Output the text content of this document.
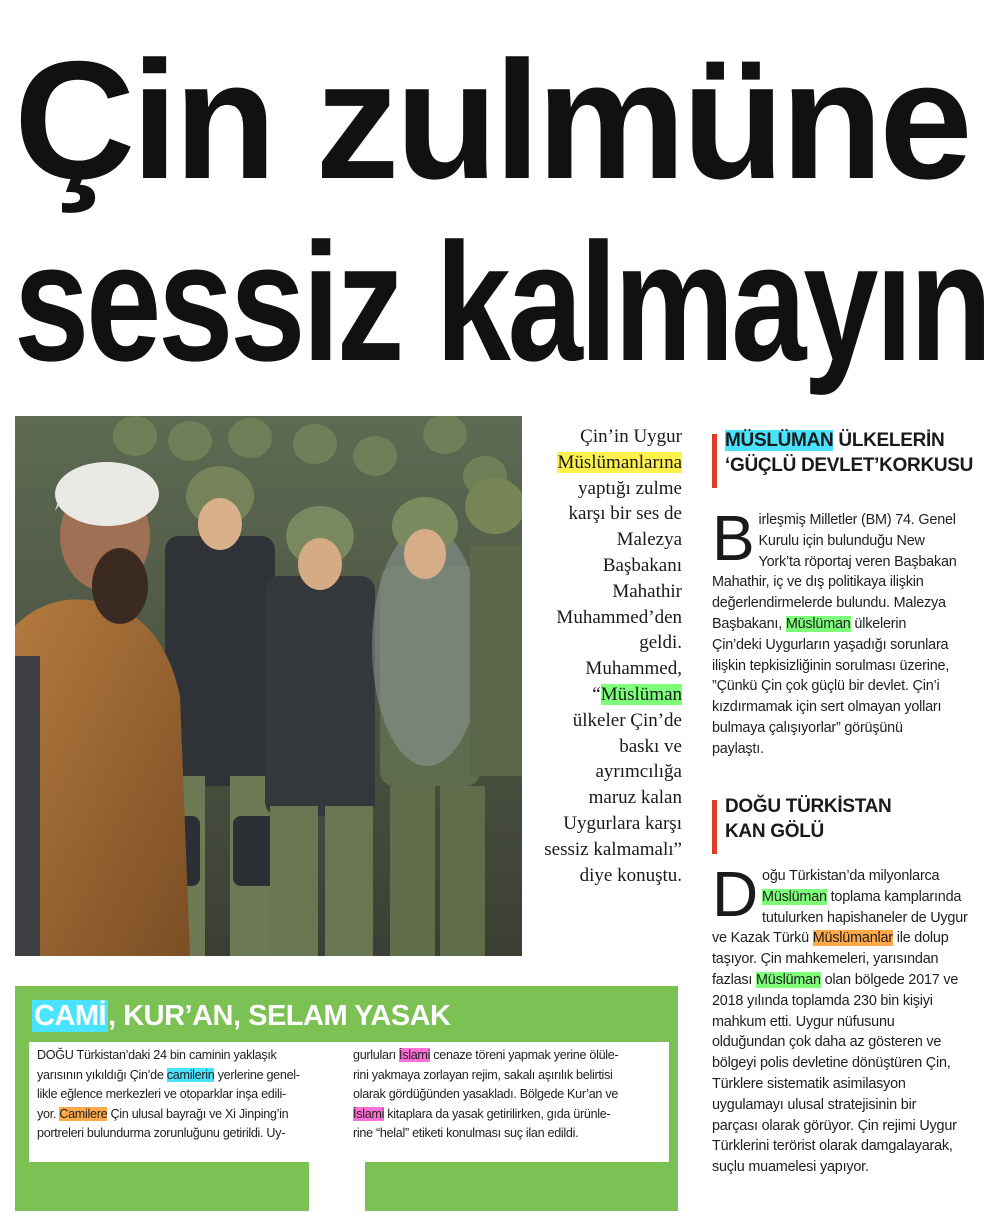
Çin zulmüne
sessiz kalmayın
Çin’in Uygur
Müslümanlarına
yaptığı zulme
karşı bir ses de
Malezya
Başbakanı
Mahathir
Muhammed’den
geldi.
Muhammed,
“Müslüman
ülkeler Çin’de
baskı ve
ayrımcılığa
maruz kalan
Uygurlara karşı
sessiz kalmamalı”
diye konuştu.
MÜSLÜMAN ÜLKELERİN
‘GÜÇLÜ DEVLET’KORKUSU
B irleşmiş Milletler (BM) 74. Genel
Kurulu için bulunduğu New
York’ta röportaj veren Başbakan
Mahathir, iç ve dış politikaya ilişkin
değerlendirmelerde bulundu. Malezya
Başbakanı, Müslüman ülkelerin
Çin’deki Uygurların yaşadığı sorunlara
ilişkin tepkisizliğinin sorulması üzerine,
”Çünkü Çin çok güçlü bir devlet. Çin’i
kızdırmamak için sert olmayan yolları
bulmaya çalışıyorlar” görüşünü
paylaştı.
DOĞU TÜRKİSTAN
KAN GÖLÜ
D oğu Türkistan’da milyonlarca
Müslüman toplama kamplarında
tutulurken hapishaneler de Uygur
ve Kazak Türkü Müslümanlar ile dolup
taşıyor. Çin mahkemeleri, yarısından
fazlası Müslüman olan bölgede 2017 ve
2018 yılında toplamda 230 bin kişiyi
mahkum etti. Uygur nüfusunu
olduğundan çok daha az gösteren ve
bölgeyi polis devletine dönüştüren Çin,
Türklere sistematik asimilasyon
uygulamayı ulusal stratejisinin bir
parçası olarak görüyor. Çin rejimi Uygur
Türklerini terörist olarak damgalayarak,
suçlu muamelesi yapıyor.
CAMİ, KUR’AN, SELAM YASAK
DOĞU Türkistan’daki 24 bin caminin yaklaşık
yarısının yıkıldığı Çin’de camilerin yerlerine genel-
likle eğlence merkezleri ve otoparklar inşa edili-
yor. Camilere Çin ulusal bayrağı ve Xi Jinping’in
portreleri bulundurma zorunluğunu getirildi. Uy-
gurluları İslami cenaze töreni yapmak yerine ölüle-
rini yakmaya zorlayan rejim, sakalı aşırılık belirtisi
olarak gördüğünden yasakladı. Bölgede Kur’an ve
İslami kitaplara da yasak getirilirken, gıda ürünle-
rine “helal” etiketi konulması suç ilan edildi.
